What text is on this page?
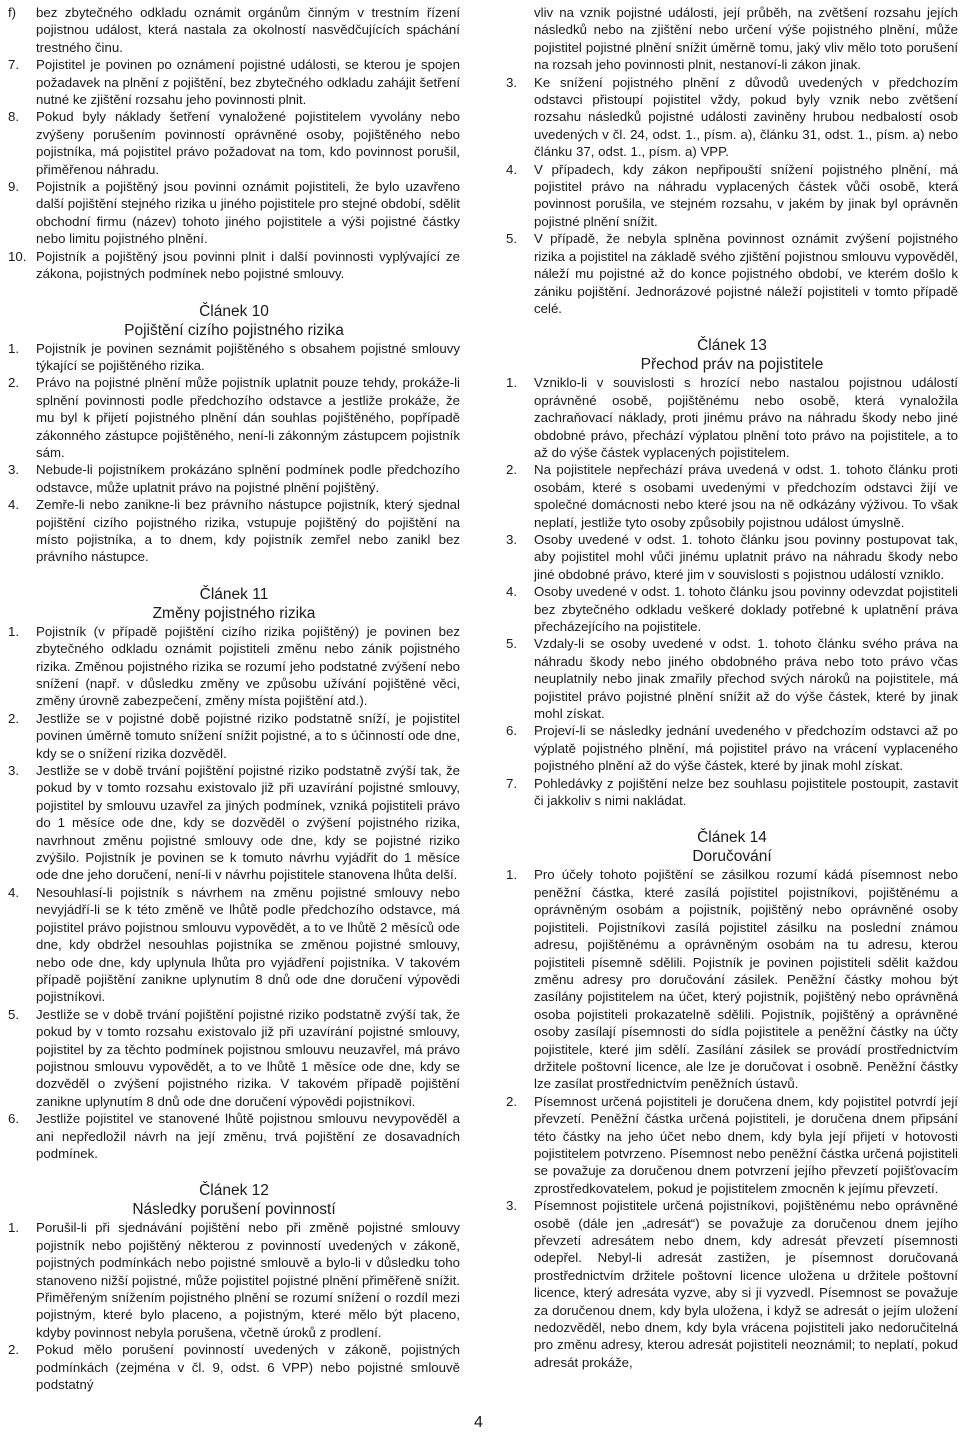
f)	bez zbytečného odkladu oznámit orgánům činným v trestním řízení pojistnou událost, která nastala za okolností nasvědčujících spáchání trestného činu.
7.	Pojistitel je povinen po oznámení pojistné události, se kterou je spojen požadavek na plnění z pojištění, bez zbytečného odkladu zahájit šetření nutné ke zjištění rozsahu jeho povinnosti plnit.
8.	Pokud byly náklady šetření vynaložené pojistitelem vyvolány nebo zvýšeny porušením povinností oprávněné osoby, pojištěného nebo pojistníka, má pojistitel právo požadovat na tom, kdo povinnost porušil, přiměřenou náhradu.
9.	Pojistník a pojištěný jsou povinni oznámit pojistiteli, že bylo uzavřeno další pojištění stejného rizika u jiného pojistitele pro stejné období, sdělit obchodní firmu (název) tohoto jiného pojistitele a výši pojistné částky nebo limitu pojistného plnění.
10. Pojistník a pojištěný jsou povinni plnit i další povinnosti vyplývající ze zákona, pojistných podmínek nebo pojistné smlouvy.
Článek 10
Pojištění cizího pojistného rizika
1.	Pojistník je povinen seznámit pojištěného s obsahem pojistné smlouvy týkající se pojištěného rizika.
2.	Právo na pojistné plnění může pojistník uplatnit pouze tehdy, prokáže-li splnění povinnosti podle předchozího odstavce a jestliže prokáže, že mu byl k přijetí pojistného plnění dán souhlas pojištěného, popřípadě zákonného zástupce pojištěného, není-li zákonným zástupcem pojistník sám.
3.	Nebude-li pojistníkem prokázáno splnění podmínek podle předchozího odstavce, může uplatnit právo na pojistné plnění pojištěný.
4.	Zemře-li nebo zanikne-li bez právního nástupce pojistník, který sjednal pojištění cizího pojistného rizika, vstupuje pojištěný do pojištění na místo pojistníka, a to dnem, kdy pojistník zemřel nebo zanikl bez právního nástupce.
Článek 11
Změny pojistného rizika
1.	Pojistník (v případě pojištění cizího rizika pojištěný) je povinen bez zbytečného odkladu oznámit pojistiteli změnu nebo zánik pojistného rizika. Změnou pojistného rizika se rozumí jeho podstatné zvýšení nebo snížení (např. v důsledku změny ve způsobu užívání pojištěné věci, změny úrovně zabezpečení, změny místa pojištění atd.).
2.	Jestliže se v pojistné době pojistné riziko podstatně sníží, je pojistitel povinen úměrně tomuto snížení snížit pojistné, a to s účinností ode dne, kdy se o snížení rizika dozvěděl.
3.	Jestliže se v době trvání pojištění pojistné riziko podstatně zvýší tak, že pokud by v tomto rozsahu existovalo již při uzavírání pojistné smlouvy, pojistitel by smlouvu uzavřel za jiných podmínek, vzniká pojistiteli právo do 1 měsíce ode dne, kdy se dozvěděl o zvýšení pojistného rizika, navrhnout změnu pojistné smlouvy ode dne, kdy se pojistné riziko zvýšilo. Pojistník je povinen se k tomuto návrhu vyjádřit do 1 měsíce ode dne jeho doručení, není-li v návrhu pojistitele stanovena lhůta delší.
4.	Nesouhlasí-li pojistník s návrhem na změnu pojistné smlouvy nebo nevyjádří-li se k této změně ve lhůtě podle předchozího odstavce, má pojistitel právo pojistnou smlouvu vypovědět, a to ve lhůtě 2 měsíců ode dne, kdy obdržel nesouhlas pojistníka se změnou pojistné smlouvy, nebo ode dne, kdy uplynula lhůta pro vyjádření pojistníka. V takovém případě pojištění zanikne uplynutím 8 dnů ode dne doručení výpovědi pojistníkovi.
5.	Jestliže se v době trvání pojištění pojistné riziko podstatně zvýší tak, že pokud by v tomto rozsahu existovalo již při uzavírání pojistné smlouvy, pojistitel by za těchto podmínek pojistnou smlouvu neuzavřel, má právo pojistnou smlouvu vypovědět, a to ve lhůtě 1 měsíce ode dne, kdy se dozvěděl o zvýšení pojistného rizika. V takovém případě pojištění zanikne uplynutím 8 dnů ode dne doručení výpovědi pojistníkovi.
6.	Jestliže pojistitel ve stanovené lhůtě pojistnou smlouvu nevypověděl a ani nepředložil návrh na její změnu, trvá pojištění ze dosavadních podmínek.
Článek 12
Následky porušení povinností
1.	Porušil-li při sjednávání pojištění nebo při změně pojistné smlouvy pojistník nebo pojištěný některou z povinností uvedených v zákoně, pojistných podmínkách nebo pojistné smlouvě a bylo-li v důsledku toho stanoveno nižší pojistné, může pojistitel pojistné plnění přiměřeně snížit. Přiměřeným snížením pojistného plnění se rozumí snížení o rozdíl mezi pojistným, které bylo placeno, a pojistným, které mělo být placeno, kdyby povinnost nebyla porušena, včetně úroků z prodlení.
2.	Pokud mělo porušení povinností uvedených v zákoně, pojistných podmínkách (zejména v čl. 9, odst. 6 VPP) nebo pojistné smlouvě podstatný
vliv na vznik pojistné události, její průběh, na zvětšení rozsahu jejích následků nebo na zjištění nebo určení výše pojistného plnění, může pojistitel pojistné plnění snížit úměrně tomu, jaký vliv mělo toto porušení na rozsah jeho povinnosti plnit, nestanoví-li zákon jinak.
3.	Ke snížení pojistného plnění z důvodů uvedených v předchozím odstavci přistoupí pojistitel vždy, pokud byly vznik nebo zvětšení rozsahu následků pojistné události zaviněny hrubou nedbalostí osob uvedených v čl. 24, odst. 1., písm. a), článku 31, odst. 1., písm. a) nebo článku 37, odst. 1., písm. a) VPP.
4.	V případech, kdy zákon nepřipouští snížení pojistného plnění, má pojistitel právo na náhradu vyplacených částek vůči osobě, která povinnost porušila, ve stejném rozsahu, v jakém by jinak byl oprávněn pojistné plnění snížit.
5.	V případě, že nebyla splněna povinnost oznámit zvýšení pojistného rizika a pojistitel na základě svého zjištění pojistnou smlouvu vypověděl, náleží mu pojistné až do konce pojistného období, ve kterém došlo k zániku pojištění. Jednorázové pojistné náleží pojistiteli v tomto případě celé.
Článek 13
Přechod práv na pojistitele
1.	Vzniklo-li v souvislosti s hrozící nebo nastalou pojistnou událostí oprávněné osobě, pojištěnému nebo osobě, která vynaložila zachraňovací náklady, proti jinému právo na náhradu škody nebo jiné obdobné právo, přechází výplatou plnění toto právo na pojistitele, a to až do výše částek vyplacených pojistitelem.
2.	Na pojistitele nepřechází práva uvedená v odst. 1. tohoto článku proti osobám, které s osobami uvedenými v předchozím odstavci žijí ve společné domácnosti nebo které jsou na ně odkázány výživou. To však neplatí, jestliže tyto osoby způsobily pojistnou událost úmyslně.
3.	Osoby uvedené v odst. 1. tohoto článku jsou povinny postupovat tak, aby pojistitel mohl vůči jinému uplatnit právo na náhradu škody nebo jiné obdobné právo, které jim v souvislosti s pojistnou událostí vzniklo.
4.	Osoby uvedené v odst. 1. tohoto článku jsou povinny odevzdat pojistiteli bez zbytečného odkladu veškeré doklady potřebné k uplatnění práva přecházejícího na pojistitele.
5.	Vzdaly-li se osoby uvedené v odst. 1. tohoto článku svého práva na náhradu škody nebo jiného obdobného práva nebo toto právo včas neuplatnily nebo jinak zmařily přechod svých nároků na pojistitele, má pojistitel právo pojistné plnění snížit až do výše částek, které by jinak mohl získat.
6.	Projeví-li se následky jednání uvedeného v předchozím odstavci až po výplatě pojistného plnění, má pojistitel právo na vrácení vyplaceného pojistného plnění až do výše částek, které by jinak mohl získat.
7.	Pohledávky z pojištění nelze bez souhlasu pojistitele postoupit, zastavit či jakkoliv s nimi nakládat.
Článek 14
Doručování
1.	Pro účely tohoto pojištění se zásilkou rozumí kádá písemnost nebo peněžní částka, které zasílá pojistitel pojistníkovi, pojištěnému a oprávněným osobám a pojistník, pojištěný nebo oprávněné osoby pojistiteli. Pojistníkovi zasílá pojistitel zásilku na poslední známou adresu, pojištěnému a oprávněným osobám na tu adresu, kterou pojistiteli písemně sdělili. Pojistník je povinen pojistiteli sdělit každou změnu adresy pro doručování zásilek. Peněžní částky mohou být zasílány pojistitelem na účet, který pojistník, pojištěný nebo oprávněná osoba pojistiteli prokazatelně sdělili. Pojistník, pojištěný a oprávněné osoby zasílají písemnosti do sídla pojistitele a peněžní částky na účty pojistitele, které jim sdělí. Zasílání zásilek se provádí prostřednictvím držitele poštovní licence, ale lze je doručovat i osobně. Peněžní částky lze zasílat prostřednictvím peněžních ústavů.
2.	Písemnost určená pojistiteli je doručena dnem, kdy pojistitel potvrdí její převzetí. Peněžní částka určená pojistiteli, je doručena dnem připsání této částky na jeho účet nebo dnem, kdy byla její přijetí v hotovosti pojistitelem potvrzeno. Písemnost nebo peněžní částka určená pojistiteli se považuje za doručenou dnem potvrzení jejího převzetí pojišťovacím zprostředkovatelem, pokud je pojistitelem zmocněn k jejímu převzetí.
3.	Písemnost pojistitele určená pojistníkovi, pojištěnému nebo oprávněné osobě (dále jen „adresát“) se považuje za doručenou dnem jejího převzetí adresátem nebo dnem, kdy adresát převzetí písemnosti odepřel. Nebyl-li adresát zastižen, je písemnost doručovaná prostřednictvím držitele poštovní licence uložena u držitele poštovní licence, který adresáta vyzve, aby si ji vyzvedl. Písemnost se považuje za doručenou dnem, kdy byla uložena, i když se adresát o jejím uložení nedozvěděl, nebo dnem, kdy byla vrácena pojistiteli jako nedoručitelná pro změnu adresy, kterou adresát pojistiteli neoznámil; to neplatí, pokud adresát prokáže,
4
